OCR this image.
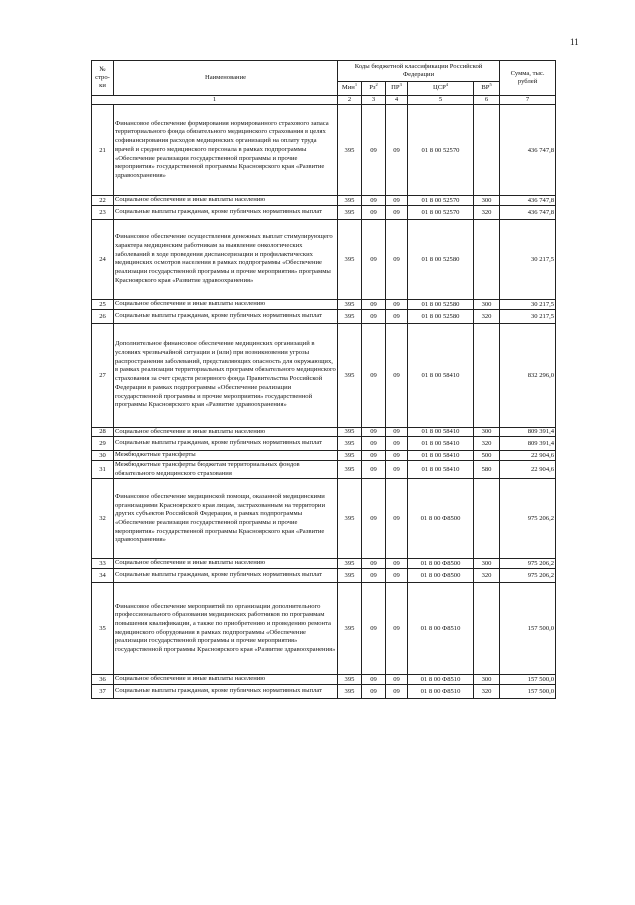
11
№ стро-ки	Наименование	Коды бюджетной классификации Российской Федерации					Сумма, тыс. рублей
		Мин$^1$	$Рз^2$	$ПР^3$	ЦСР$^4$	$ВР^5$
1		2	3	4	5	6	7
21	Финансовое обеспечение формирования нормированного страхового запаса территориального фонда обязательного медицинского страхования в целях софинансирования расходов медицинских организаций на оплату труда врачей и среднего медицинского персонала в рамках подпрограммы «Обеспечение реализации государственной программы и прочие мероприятия» государственной программы Красноярского края «Развитие здравоохранения»	395	09	09	01 8 00 52570		436 747,8
22	Социальное обеспечение и иные выплаты населению	395	09	09	01 8 00 52570	300	436 747,8
23	Социальные выплаты гражданам, кроме публичных нормативных выплат	395	09	09	01 8 00 52570	320	436 747,8
24	Финансовое обеспечение осуществления денежных выплат стимулирующего характера медицинским работникам за выявление онкологических заболеваний в ходе проведения диспансеризации и профилактических медицинских осмотров населения в рамках подпрограммы «Обеспечение реализации государственной программы и прочие мероприятия» программы Красноярского края «Развитие здравоохранения»	395	09	09	01 8 00 52580		30 217,5
25	Социальное обеспечение и иные выплаты населению	395	09	09	01 8 00 52580	300	30 217,5
26	Социальные выплаты гражданам, кроме публичных нормативных выплат	395	09	09	01 8 00 52580	320	30 217,5
27	Дополнительное финансовое обеспечение медицинских организаций в условиях чрезвычайной ситуации и (или) при возникновении угрозы распространения заболеваний, представляющих опасность для окружающих, в рамках реализации территориальных программ обязательного медицинского страхования за счет средств резервного фонда Правительства Российской Федерации в рамках подпрограммы «Обеспечение реализации государственной программы и прочие мероприятия» государственной программы Красноярского края «Развитие здравоохранения»	395	09	09	01 8 00 58410		832 296,0
28	Социальное обеспечение и иные выплаты населению	395	09	09	01 8 00 58410	300	809 391,4
29	Социальные выплаты гражданам, кроме публичных нормативных выплат	395	09	09	01 8 00 58410	320	809 391,4
30	Межбюджетные трансферты	395	09	09	01 8 00 58410	500	22 904,6
31	Межбюджетные трансферты бюджетам территориальных фондов обязательного медицинского страхования	395	09	09	01 8 00 58410	580	22 904,6
32	Финансовое обеспечение медицинской помощи, оказанной медицинскими организациями Красноярского края лицам, застрахованным на территории других субъектов Российской Федерации, в рамках подпрограммы «Обеспечение реализации государственной программы и прочие мероприятия» государственной программы Красноярского края «Развитие здравоохранения»	395	09	09	01 8 00 Ф8500		975 206,2
33	Социальное обеспечение и иные выплаты населению	395	09	09	01 8 00 Ф8500	300	975 206,2
34	Социальные выплаты гражданам, кроме публичных нормативных выплат	395	09	09	01 8 00 Ф8500	320	975 206,2
35	Финансовое обеспечение мероприятий по организации дополнительного профессионального образования медицинских работников по программам повышения квалификации, а также по приобретению и проведению ремонта медицинского оборудования в рамках подпрограммы «Обеспечение реализации государственной программы и прочие мероприятия» государственной программы Красноярского края «Развитие здравоохранения»	395	09	09	01 8 00 Ф8510		157 500,0
36	Социальное обеспечение и иные выплаты населению	395	09	09	01 8 00 Ф8510	300	157 500,0
37	Социальные выплаты гражданам, кроме публичных нормативных выплат	395	09	09	01 8 00 Ф8510	320	157 500,0
